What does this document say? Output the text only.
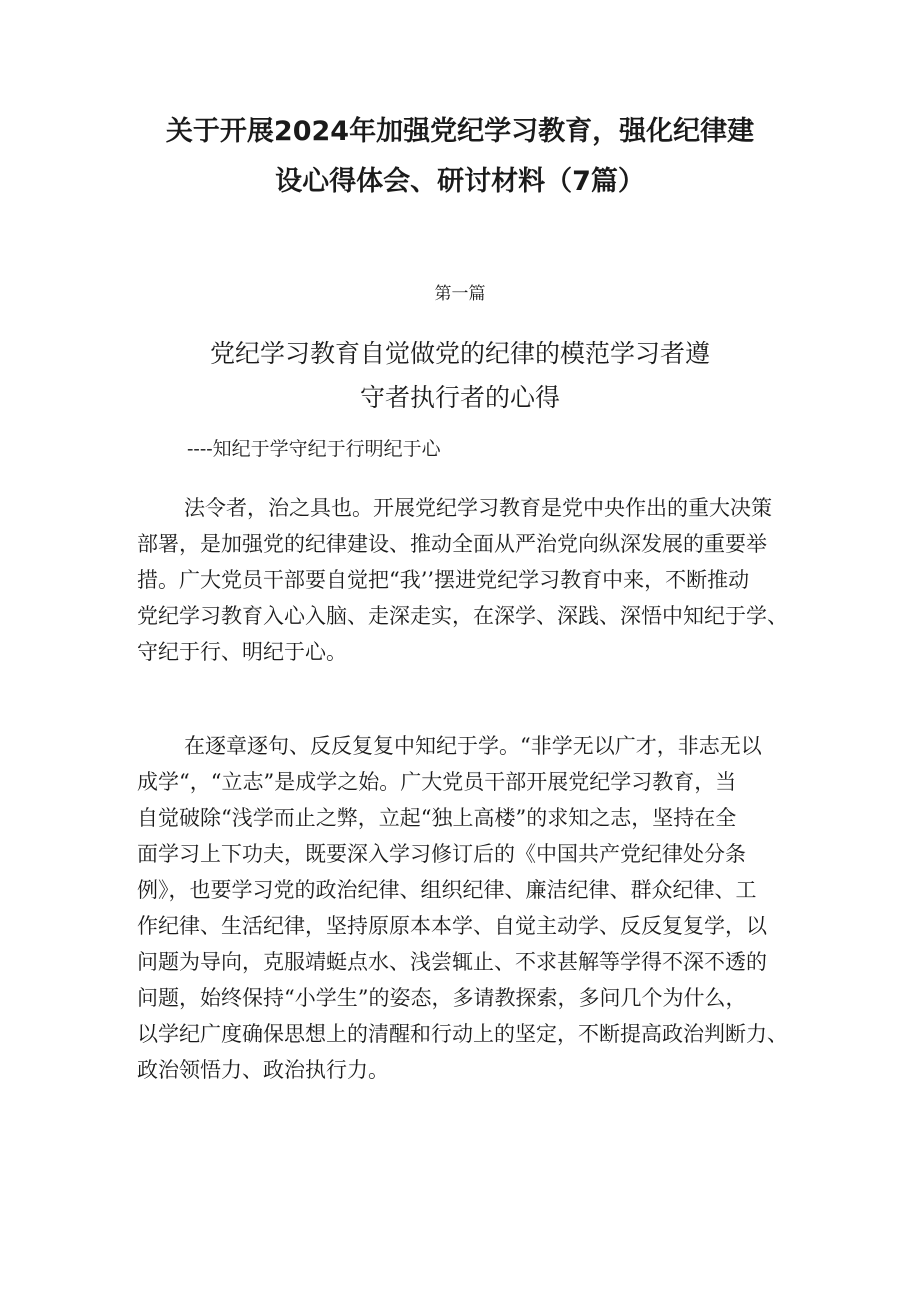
关于开展2024年加强党纪学习教育，强化纪律建
设心得体会、研讨材料（7篇）
第一篇
党纪学习教育自觉做党的纪律的模范学习者遵
守者执行者的心得
----知纪于学守纪于行明纪于心
法令者，治之具也。开展党纪学习教育是党中央作出的重大决策
部署，是加强党的纪律建设、推动全面从严治党向纵深发展的重要举
措。广大党员干部要自觉把“我’’摆进党纪学习教育中来，不断推动
党纪学习教育入心入脑、走深走实，在深学、深践、深悟中知纪于学、
守纪于行、明纪于心。
在逐章逐句、反反复复中知纪于学。“非学无以广才，非志无以
成学“，“立志”是成学之始。广大党员干部开展党纪学习教育，当
自觉破除“浅学而止之弊，立起“独上高楼”的求知之志，坚持在全
面学习上下功夫，既要深入学习修订后的《中国共产党纪律处分条
例》，也要学习党的政治纪律、组织纪律、廉洁纪律、群众纪律、工
作纪律、生活纪律，坚持原原本本学、自觉主动学、反反复复学，以
问题为导向，克服靖蜓点水、浅尝辄止、不求甚解等学得不深不透的
问题，始终保持“小学生”的姿态，多请教探索，多问几个为什么，
以学纪广度确保思想上的清醒和行动上的坚定，不断提高政治判断力、
政治领悟力、政治执行力。
